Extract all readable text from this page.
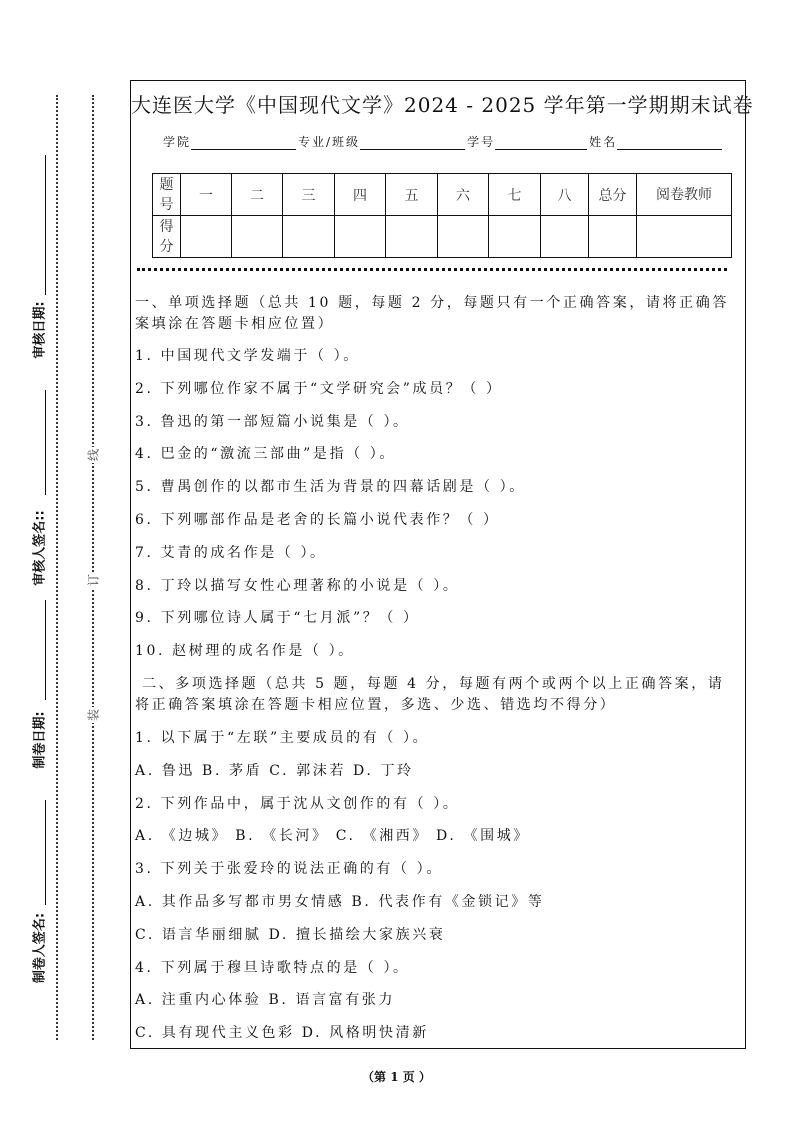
审核日期:
审核人签名::
制卷日期:
制卷人签名:
线
订
装
大连医大学《中国现代文学》2024 - 2025 学年第一学期期末试卷
学院	专业/班级	学号	姓名
题号	一	二	三	四	五	六	七	八	总分	阅卷教师
得分										
一、单项选择题（总共 10 题，每题 2 分，每题只有一个正确答案，请将正确答案填涂在答题卡相应位置）
1. 中国现代文学发端于（ ）。
2. 下列哪位作家不属于“文学研究会”成员？（ ）
3. 鲁迅的第一部短篇小说集是（ ）。
4. 巴金的“激流三部曲”是指（ ）。
5. 曹禺创作的以都市生活为背景的四幕话剧是（ ）。
6. 下列哪部作品是老舍的长篇小说代表作？（ ）
7. 艾青的成名作是（ ）。
8. 丁玲以描写女性心理著称的小说是（ ）。
9. 下列哪位诗人属于“七月派”？（ ）
10. 赵树理的成名作是（ ）。
二、多项选择题（总共 5 题，每题 4 分，每题有两个或两个以上正确答案，请将正确答案填涂在答题卡相应位置，多选、少选、错选均不得分）
1. 以下属于“左联”主要成员的有（ ）。
A. 鲁迅 B. 茅盾 C. 郭沫若 D. 丁玲
2. 下列作品中，属于沈从文创作的有（ ）。
A. 《边城》 B. 《长河》 C. 《湘西》 D. 《围城》
3. 下列关于张爱玲的说法正确的有（ ）。
A. 其作品多写都市男女情感 B. 代表作有《金锁记》等
C. 语言华丽细腻 D. 擅长描绘大家族兴衰
4. 下列属于穆旦诗歌特点的是（ ）。
A. 注重内心体验 B. 语言富有张力
C. 具有现代主义色彩 D. 风格明快清新
（第 1 页 ）
